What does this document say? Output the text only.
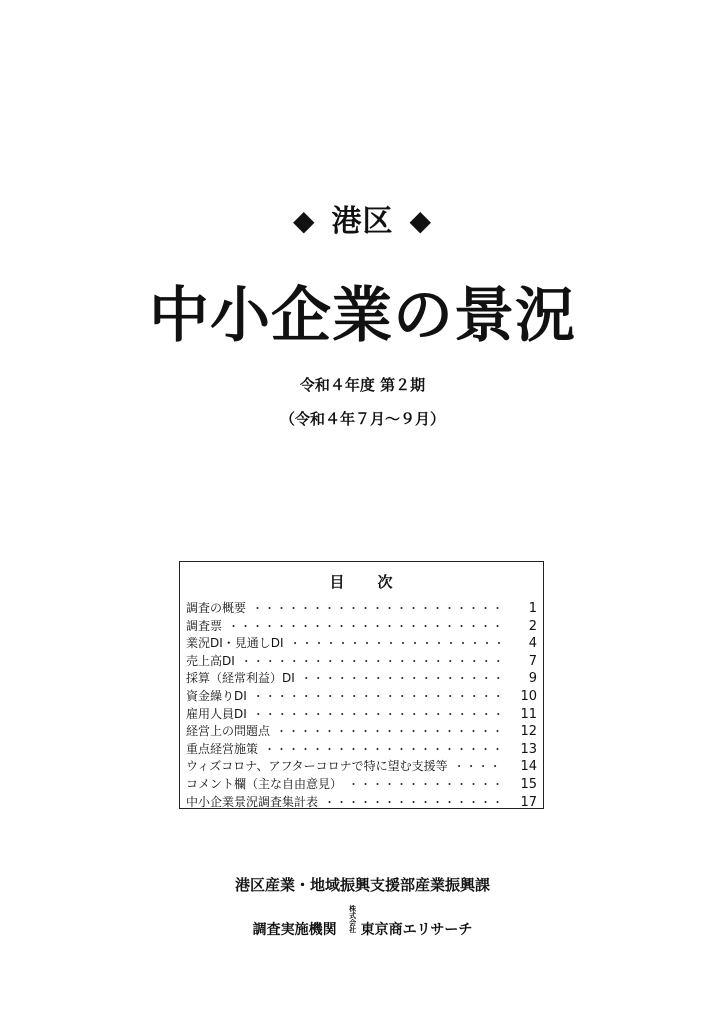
◆ 港区 ◆
中小企業の景況
令和４年度 第２期
（令和４年７月～９月）
目　　次
調査の概要 ・・・・・・・・・・・・・・・・・・・・・・・・・・・・・・・・・・・・・・・・・・・・・・	1
調査票 ・・・・・・・・・・・・・・・・・・・・・・・・・・・・・・・・・・・・・・・・・・・・・・	2
業況DI・見通しDI ・・・・・・・・・・・・・・・・・・・・・・・・・・・・・・・・・・・・・・・・・・・・・・	4
売上高DI ・・・・・・・・・・・・・・・・・・・・・・・・・・・・・・・・・・・・・・・・・・・・・・	7
採算（経常利益）DI ・・・・・・・・・・・・・・・・・・・・・・・・・・・・・・・・・・・・・・・・・・・・・・	9
資金繰りDI ・・・・・・・・・・・・・・・・・・・・・・・・・・・・・・・・・・・・・・・・・・・・・・	10
雇用人員DI ・・・・・・・・・・・・・・・・・・・・・・・・・・・・・・・・・・・・・・・・・・・・・・	11
経営上の問題点 ・・・・・・・・・・・・・・・・・・・・・・・・・・・・・・・・・・・・・・・・・・・・・・	12
重点経営施策 ・・・・・・・・・・・・・・・・・・・・・・・・・・・・・・・・・・・・・・・・・・・・・・	13
ウィズコロナ、アフターコロナで特に望む支援等 ・・・・・・・・・・・・・・・・・・・・・・・・・・・・・・・・・・・・・・・・・・・・・・	14
コメント欄（主な自由意見） ・・・・・・・・・・・・・・・・・・・・・・・・・・・・・・・・・・・・・・・・・・・・・・	15
中小企業景況調査集計表 ・・・・・・・・・・・・・・・・・・・・・・・・・・・・・・・・・・・・・・・・・・・・・・	17
港区産業・地域振興支援部産業振興課
調査実施機関株式会社 東京商エリサーチ
